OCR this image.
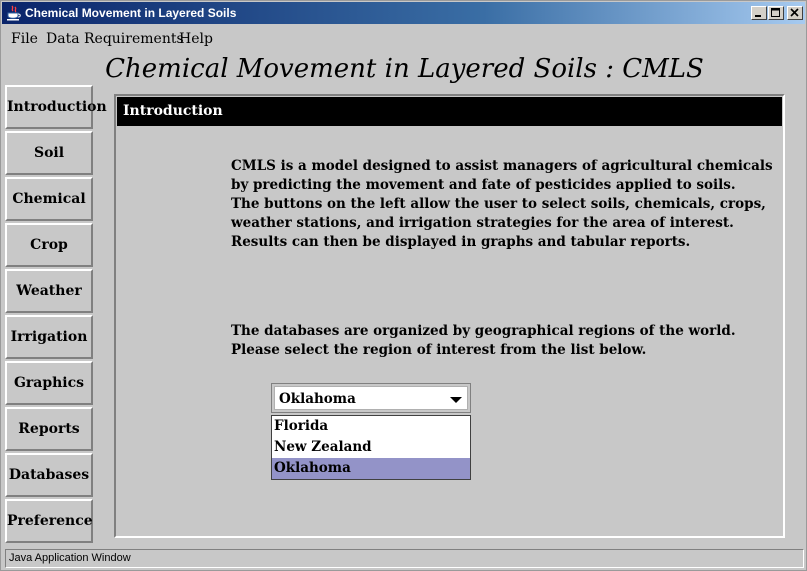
Chemical Movement in Layered Soils
File Data Requirements
Help
Chemical Movement in Layered Soils : CMLS
Introduction
Soil
Chemical
Crop
Weather
Irrigation
Graphics
Reports
Databases
Preference
Introduction
CMLS is a model designed to assist managers of agricultural chemicals
by predicting the movement and fate of pesticides applied to soils.
The buttons on the left allow the user to select soils, chemicals, crops,
weather stations, and irrigation strategies for the area of interest.
Results can then be displayed in graphs and tabular reports.
The databases are organized by geographical regions of the world.
Please select the region of interest from the list below.
Oklahoma
Florida
New Zealand
Oklahoma
Java Application Window
